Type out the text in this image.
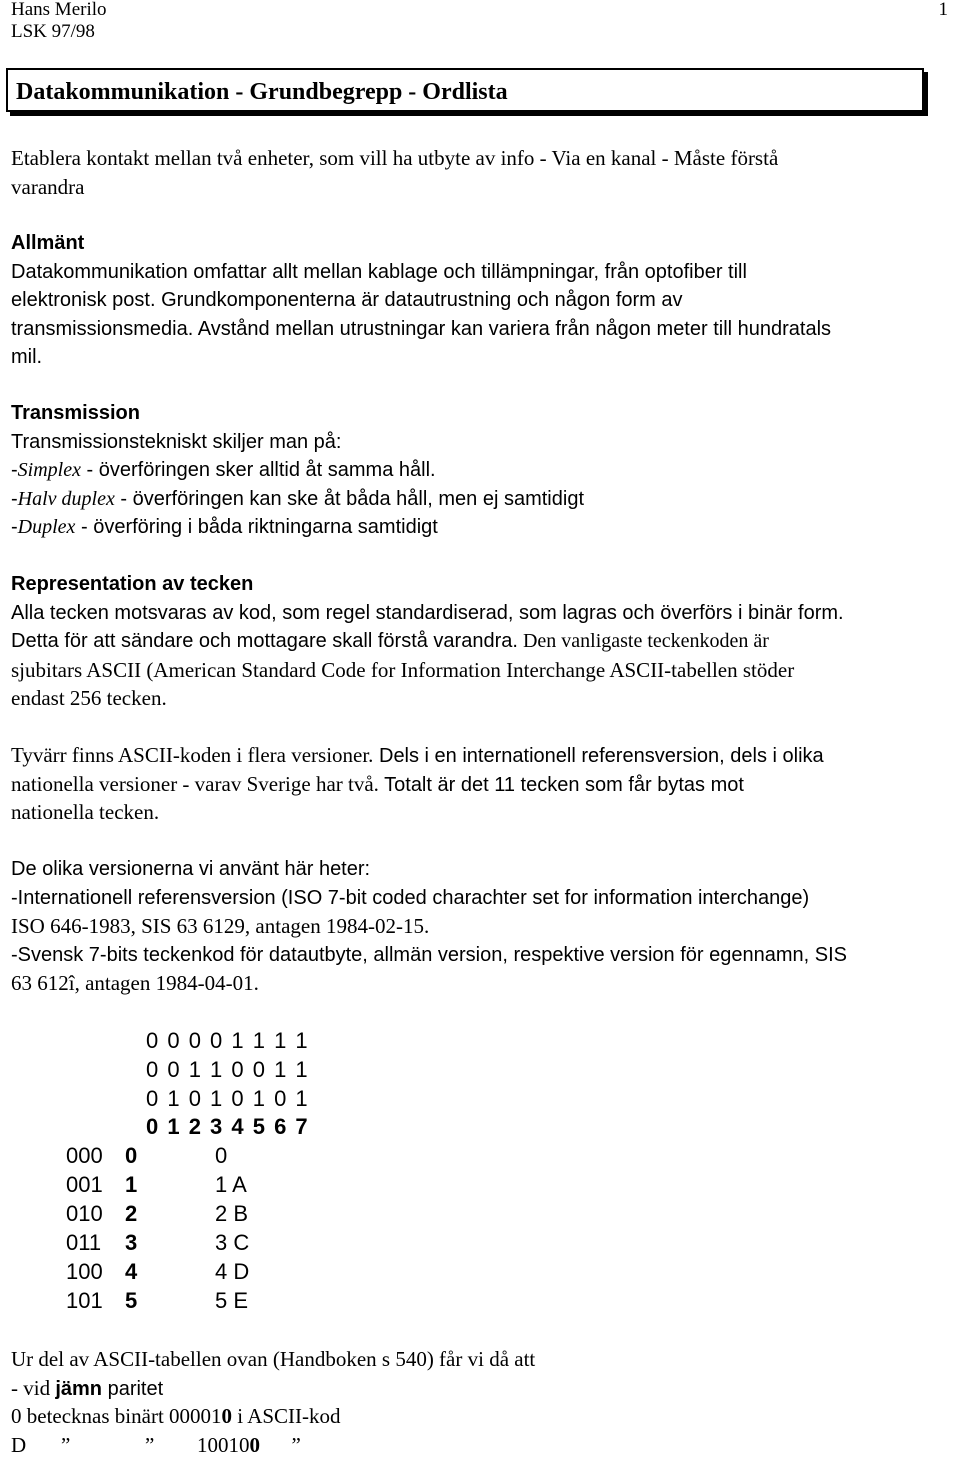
Hans Merilo
LSK 97/98
1
Datakommunikation - Grundbegrepp - Ordlista
Etablera kontakt mellan två enheter, som vill ha utbyte av info - Via en kanal - Måste förstå
varandra
Allmänt
Datakommunikation omfattar allt mellan kablage och tillämpningar, från optofiber till
elektronisk post. Grundkomponenterna är datautrustning och någon form av
transmissionsmedia. Avstånd mellan utrustningar kan variera från någon meter till hundratals
mil.
Transmission
Transmissionstekniskt skiljer man på:
-Simplex - överföringen sker alltid åt samma håll.
-Halv duplex - överföringen kan ske åt båda håll, men ej samtidigt
-Duplex - överföring i båda riktningarna samtidigt
Representation av tecken
Alla tecken motsvaras av kod, som regel standardiserad, som lagras och överförs i binär form.
Detta för att sändare och mottagare skall förstå varandra. Den vanligaste teckenkoden är
sjubitars ASCII (American Standard Code for Information Interchange ASCII-tabellen stöder
endast 256 tecken.
Tyvärr finns ASCII-koden i flera versioner. Dels i en internationell referensversion, dels i olika
nationella versioner - varav Sverige har två. Totalt är det 11 tecken som får bytas mot
nationella tecken.
De olika versionerna vi använt här heter:
-Internationell referensversion (ISO 7-bit coded charachter set for information interchange)
ISO 646-1983, SIS 63 6129, antagen 1984-02-15.
-Svensk 7-bits teckenkod för datautbyte, allmän version, respektive version för egennamn, SIS
63 612î, antagen 1984-04-01.
0 0 0 0 1 1 1 1
0 0 1 1 0 0 1 1
0 1 0 1 0 1 0 1
0 1 2 3 4 5 6 7
000 0	0
001 1	1 A
010 2	2 B
011 3	3 C
100 4	4 D
101 5	5 E
Ur del av ASCII-tabellen ovan (Handboken s 540) får vi då att
- vid jämn paritet
0 betecknas binärt 000010 i ASCII-kod
D ”	” 100100 ”
